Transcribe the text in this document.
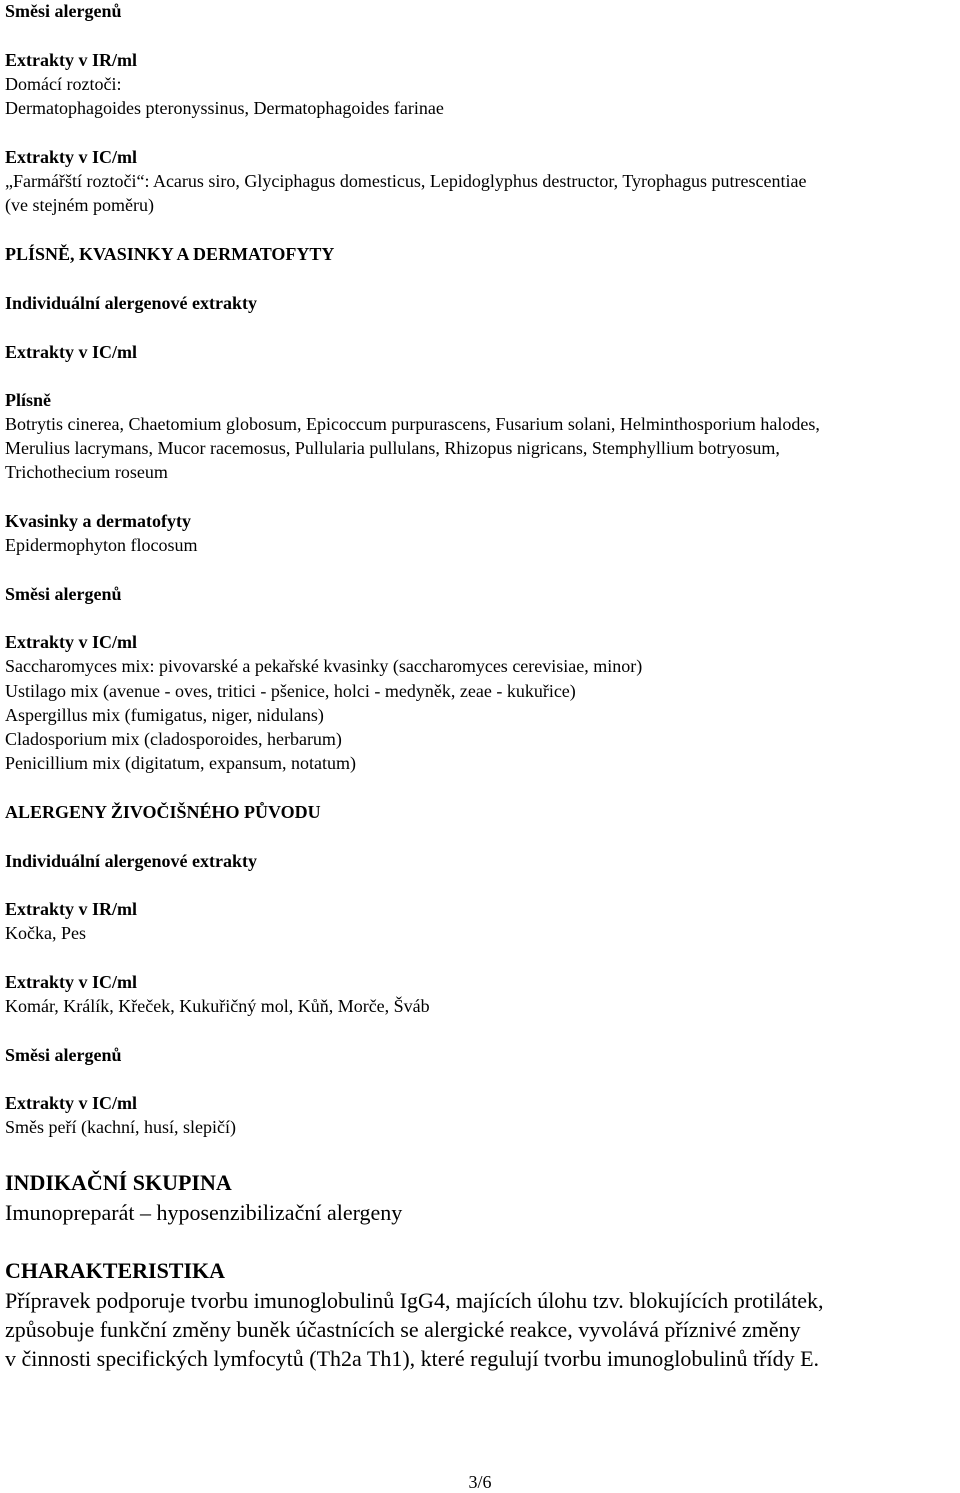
Směsi alergenů
Extrakty v IR/ml
Domácí roztoči:
Dermatophagoides pteronyssinus, Dermatophagoides farinae
Extrakty v IC/ml
„Farmářští roztoči“: Acarus siro, Glyciphagus domesticus, Lepidoglyphus destructor, Tyrophagus putrescentiae
(ve stejném poměru)
PLÍSNĚ, KVASINKY A DERMATOFYTY
Individuální alergenové extrakty
Extrakty v IC/ml
Plísně
Botrytis cinerea, Chaetomium globosum, Epicoccum purpurascens, Fusarium solani, Helminthosporium halodes,
Merulius lacrymans, Mucor racemosus, Pullularia pullulans, Rhizopus nigricans, Stemphyllium botryosum,
Trichothecium roseum
Kvasinky a dermatofyty
Epidermophyton flocosum
Směsi alergenů
Extrakty v IC/ml
Saccharomyces mix: pivovarské a pekařské kvasinky (saccharomyces cerevisiae, minor)
Ustilago mix (avenue - oves, tritici - pšenice, holci - medyněk, zeae - kukuřice)
Aspergillus mix (fumigatus, niger, nidulans)
Cladosporium mix (cladosporoides, herbarum)
Penicillium mix (digitatum, expansum, notatum)
ALERGENY ŽIVOČIŠNÉHO PŮVODU
Individuální alergenové extrakty
Extrakty v IR/ml
Kočka, Pes
Extrakty v IC/ml
Komár, Králík, Křeček, Kukuřičný mol, Kůň, Morče, Šváb
Směsi alergenů
Extrakty v IC/ml
Směs peří (kachní, husí, slepičí)
INDIKAČNÍ SKUPINA
Imunopreparát – hyposenzibilizační alergeny
CHARAKTERISTIKA
Přípravek podporuje tvorbu imunoglobulinů IgG4, majících úlohu tzv. blokujících protilátek,
způsobuje funkční změny buněk účastnících se alergické reakce, vyvolává příznivé změny
v činnosti specifických lymfocytů (Th2a Th1), které regulují tvorbu imunoglobulinů třídy E.
3/6
